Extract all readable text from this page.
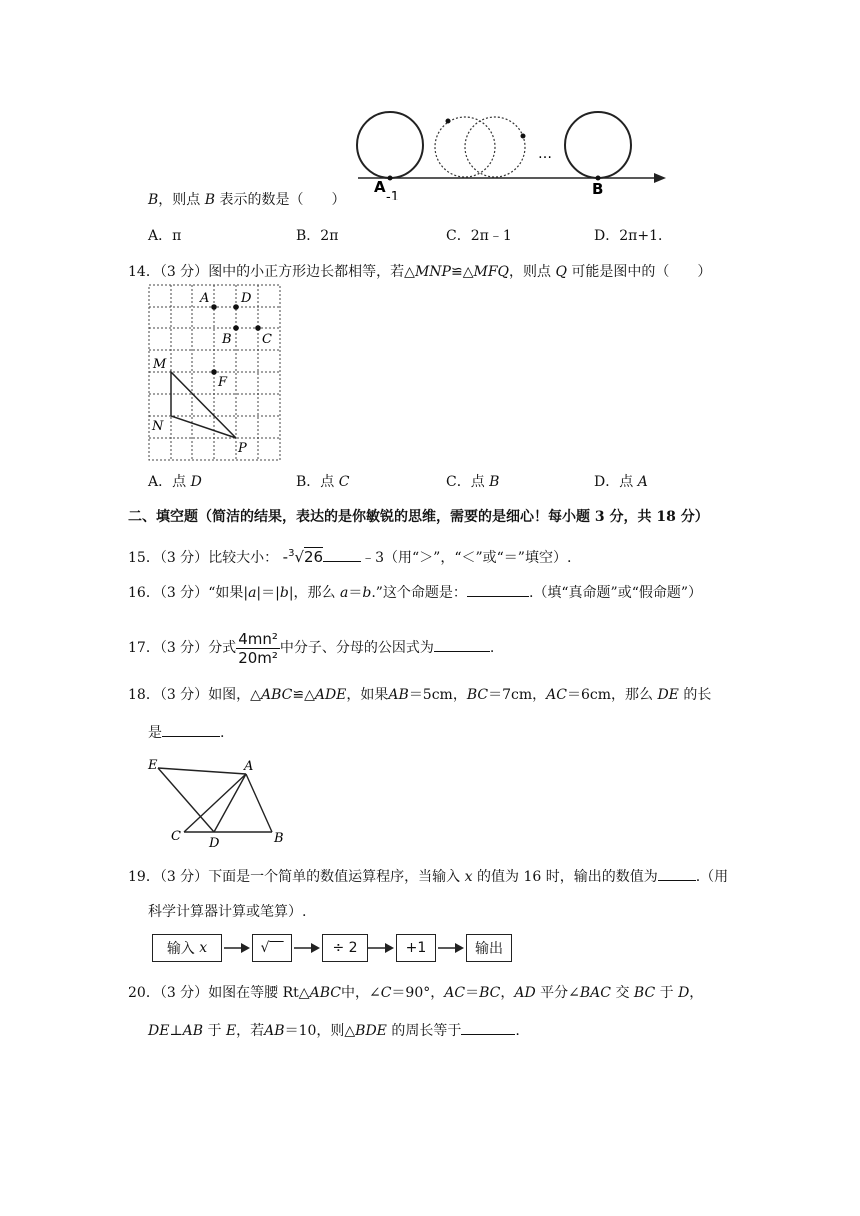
…
A
-1	B
B，则点 B 表示的数是（　　）
A．π	B．2π	C．2π﹣1	D．2π+1．
14．（3 分）图中的小正方形边长都相等，若△MNP≌△MFQ，则点 Q 可能是图中的（　　）
A D
B C
M
F
N
P
A．点 D	B．点 C	C．点 B	D．点 A
二、填空题（简洁的结果，表达的是你敏锐的思维，需要的是细心！每小题 3 分，共 18 分）
15．（3 分）比较大小： -$^3$√26	﹣3（用“＞”，“＜”或“＝”填空）.
16．（3 分）“如果|a|＝|b|，那么 a＝b.”这个命题是：	.（填“真命题”或“假命题”）
17．（3 分）分式 $\frac{\text{4mn²}}{\text{20m²}}$ 中分子、分母的公因式为	.
18．（3 分）如图，△ABC≌△ADE，如果AB＝5cm，BC＝7cm，AC＝6cm，那么 DE 的长
是	.
E	A
C D	B
19．（3 分）下面是一个简单的数值运算程序，当输入 x 的值为 16 时，输出的数值为	.（用
科学计算器计算或笔算）.
输入
x	√‾‾	÷ 2	+1	输出
20．（3 分）如图在等腰 Rt△ABC中，∠C＝90°，AC＝BC，AD 平分∠BAC 交 BC 于 D，
DE⊥AB 于 E，若AB＝10，则△BDE 的周长等于	.
